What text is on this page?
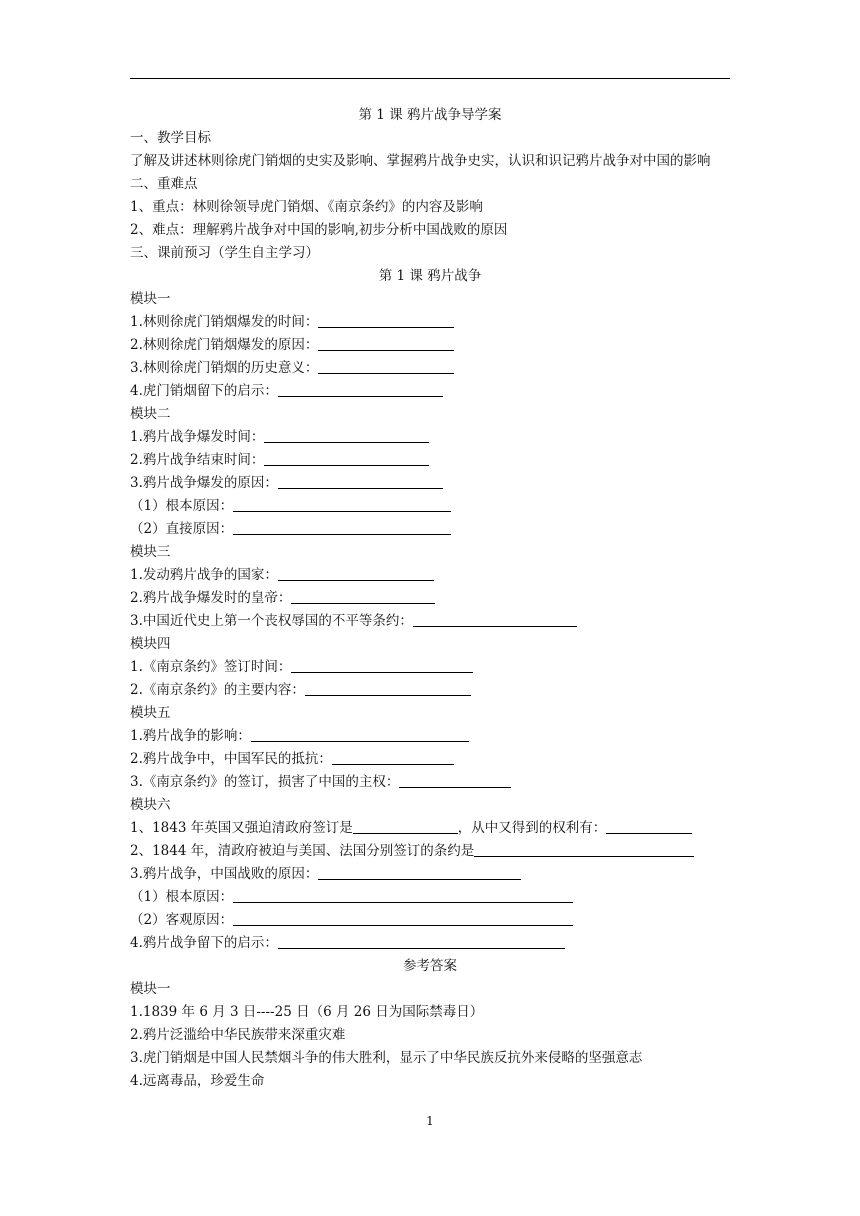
第 1 课 鸦片战争导学案
一、教学目标
了解及讲述林则徐虎门销烟的史实及影响、掌握鸦片战争史实，认识和识记鸦片战争对中国的影响
二、重难点
1、重点：林则徐领导虎门销烟、《南京条约》的内容及影响
2、难点：理解鸦片战争对中国的影响,初步分析中国战败的原因
三、课前预习（学生自主学习）
第 1 课 鸦片战争
模块一
1.林则徐虎门销烟爆发的时间：
2.林则徐虎门销烟爆发的原因：
3.林则徐虎门销烟的历史意义：
4.虎门销烟留下的启示：
模块二
1.鸦片战争爆发时间：
2.鸦片战争结束时间：
3.鸦片战争爆发的原因：
（1）根本原因：
（2）直接原因：
模块三
1.发动鸦片战争的国家：
2.鸦片战争爆发时的皇帝：
3.中国近代史上第一个丧权辱国的不平等条约：
模块四
1.《南京条约》签订时间：
2.《南京条约》的主要内容：
模块五
1.鸦片战争的影响：
2.鸦片战争中，中国军民的抵抗：
3.《南京条约》的签订，损害了中国的主权：
模块六
1、1843 年英国又强迫清政府签订是	，从中又得到的权利有：
2、1844 年，清政府被迫与美国、法国分别签订的条约是
3.鸦片战争，中国战败的原因：
（1）根本原因：
（2）客观原因：
4.鸦片战争留下的启示：
参考答案
模块一
1.1839 年 6 月 3 日----25 日（6 月 26 日为国际禁毒日）
2.鸦片泛滥给中华民族带来深重灾难
3.虎门销烟是中国人民禁烟斗争的伟大胜利，显示了中华民族反抗外来侵略的坚强意志
4.远离毒品，珍爱生命
1
